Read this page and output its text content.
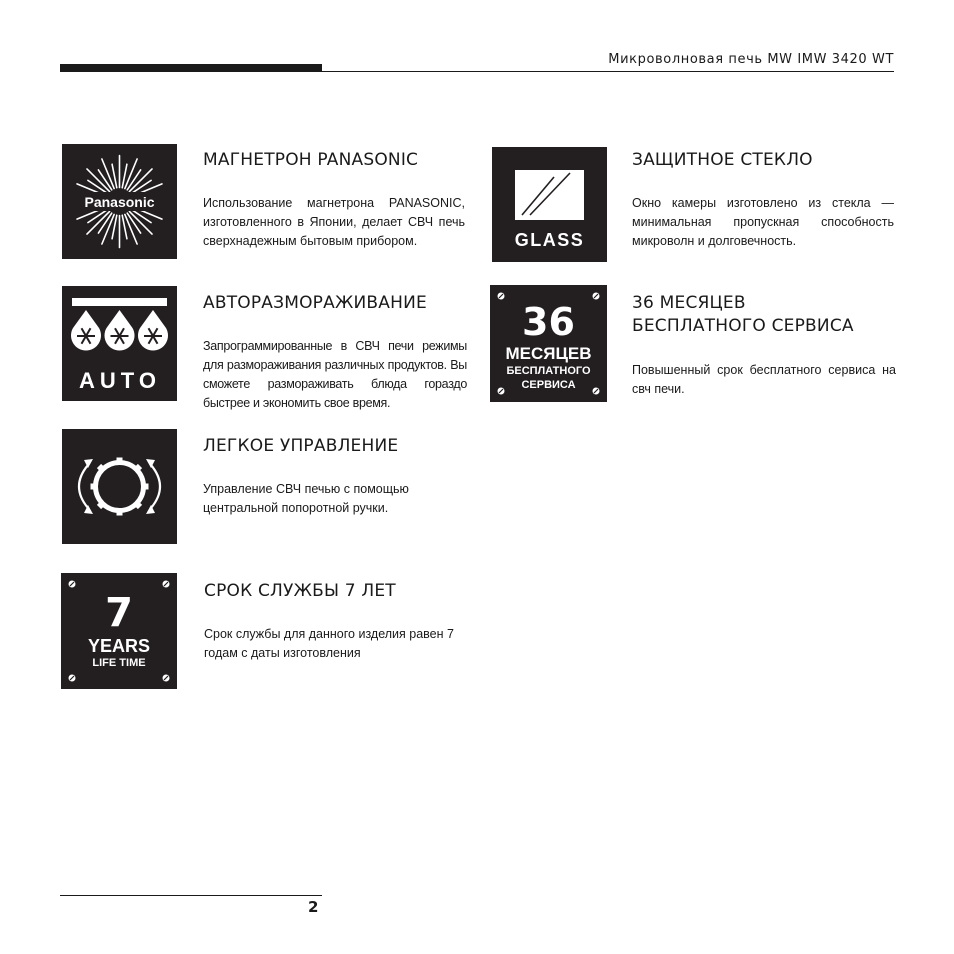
Микроволновая печь MW IMW 3420 WT
Panasonic
МАГНЕТРОН PANASONIC
Использование магнетрона PANASONIC, изготовленного в Японии, делает СВЧ печь сверхнадежным бытовым прибором.	GLASS
ЗАЩИТНОЕ СТЕКЛО
Окно камеры изготовлено из стекла — минимальная пропускная способность микроволн и долговечность.
AUTO
АВТОРАЗМОРАЖИВАНИЕ
Запрограммированные в СВЧ печи режимы для размораживания различных продуктов. Вы сможете размораживать блюда гораздо быстрее и экономить свое время.
36
МЕСЯЦЕВ
БЕСПЛАТНОГО
СЕРВИСА
36 МЕСЯЦЕВ
БЕСПЛАТНОГО СЕРВИСА
Повышенный срок бесплатного сервиса на свч печи.
ЛЕГКОЕ УПРАВЛЕНИЕ
Управление СВЧ печью с помощью центральной попоротной ручки.
7
YEARS
LIFE TIME
СРОК СЛУЖБЫ 7 ЛЕТ
Срок службы для данного изделия равен 7 годам с даты изготовления
2
